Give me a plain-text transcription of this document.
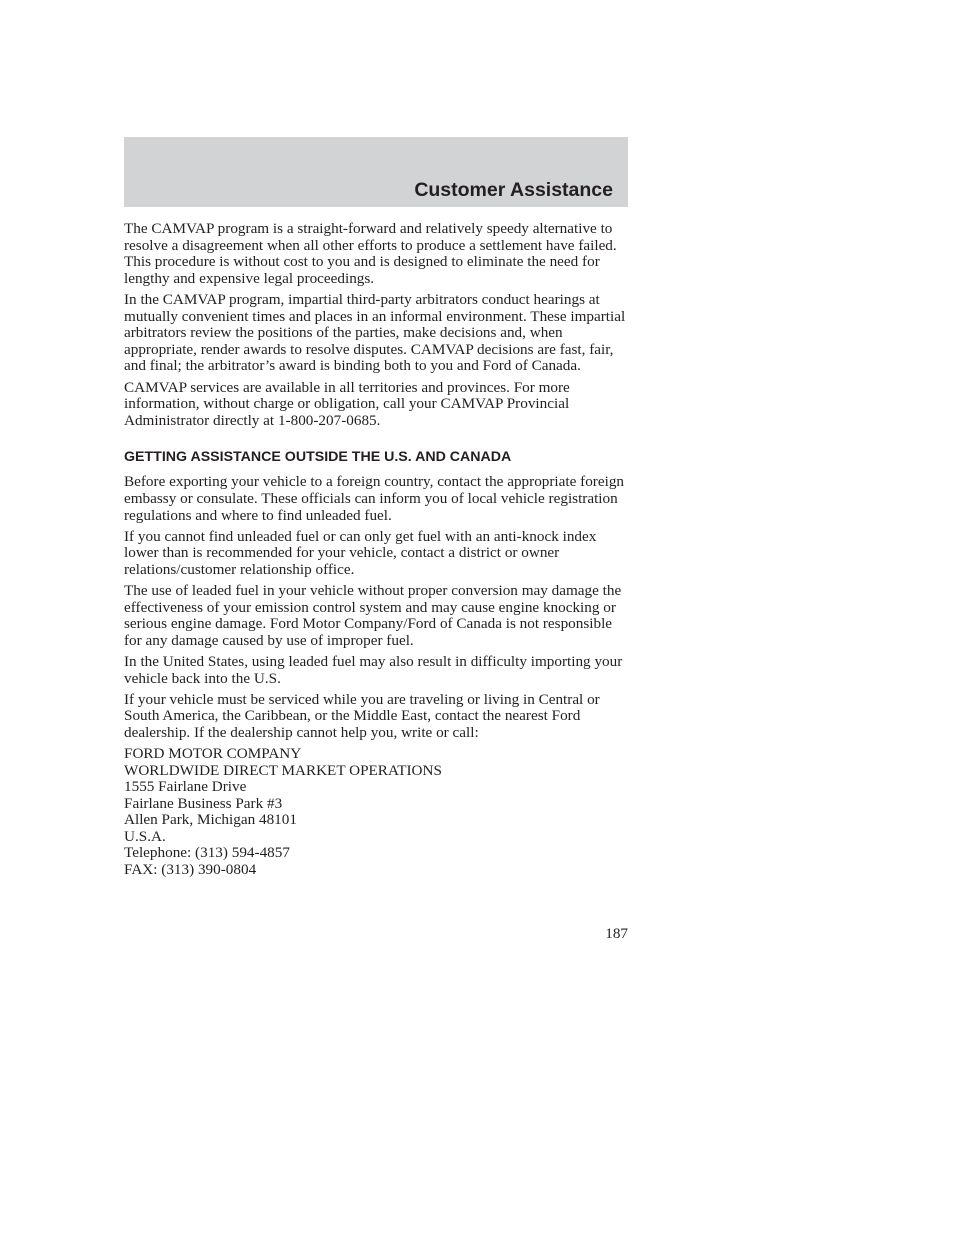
Customer Assistance

The CAMVAP program is a straight-forward and relatively speedy alternative to resolve a disagreement when all other efforts to produce a settlement have failed. This procedure is without cost to you and is designed to eliminate the need for lengthy and expensive legal proceedings.

In the CAMVAP program, impartial third-party arbitrators conduct hearings at mutually convenient times and places in an informal environment. These impartial arbitrators review the positions of the parties, make decisions and, when appropriate, render awards to resolve disputes. CAMVAP decisions are fast, fair, and final; the arbitrator’s award is binding both to you and Ford of Canada.

CAMVAP services are available in all territories and provinces. For more information, without charge or obligation, call your CAMVAP Provincial Administrator directly at 1-800-207-0685.

GETTING ASSISTANCE OUTSIDE THE U.S. AND CANADA

Before exporting your vehicle to a foreign country, contact the appropriate foreign embassy or consulate. These officials can inform you of local vehicle registration regulations and where to find unleaded fuel.

If you cannot find unleaded fuel or can only get fuel with an anti-knock index lower than is recommended for your vehicle, contact a district or owner relations/customer relationship office.

The use of leaded fuel in your vehicle without proper conversion may damage the effectiveness of your emission control system and may cause engine knocking or serious engine damage. Ford Motor Company/Ford of Canada is not responsible for any damage caused by use of improper fuel.

In the United States, using leaded fuel may also result in difficulty importing your vehicle back into the U.S.

If your vehicle must be serviced while you are traveling or living in Central or South America, the Caribbean, or the Middle East, contact the nearest Ford dealership. If the dealership cannot help you, write or call:

FORD MOTOR COMPANY
WORLDWIDE DIRECT MARKET OPERATIONS
1555 Fairlane Drive
Fairlane Business Park #3
Allen Park, Michigan 48101
U.S.A.
Telephone: (313) 594-4857
FAX: (313) 390-0804
187
